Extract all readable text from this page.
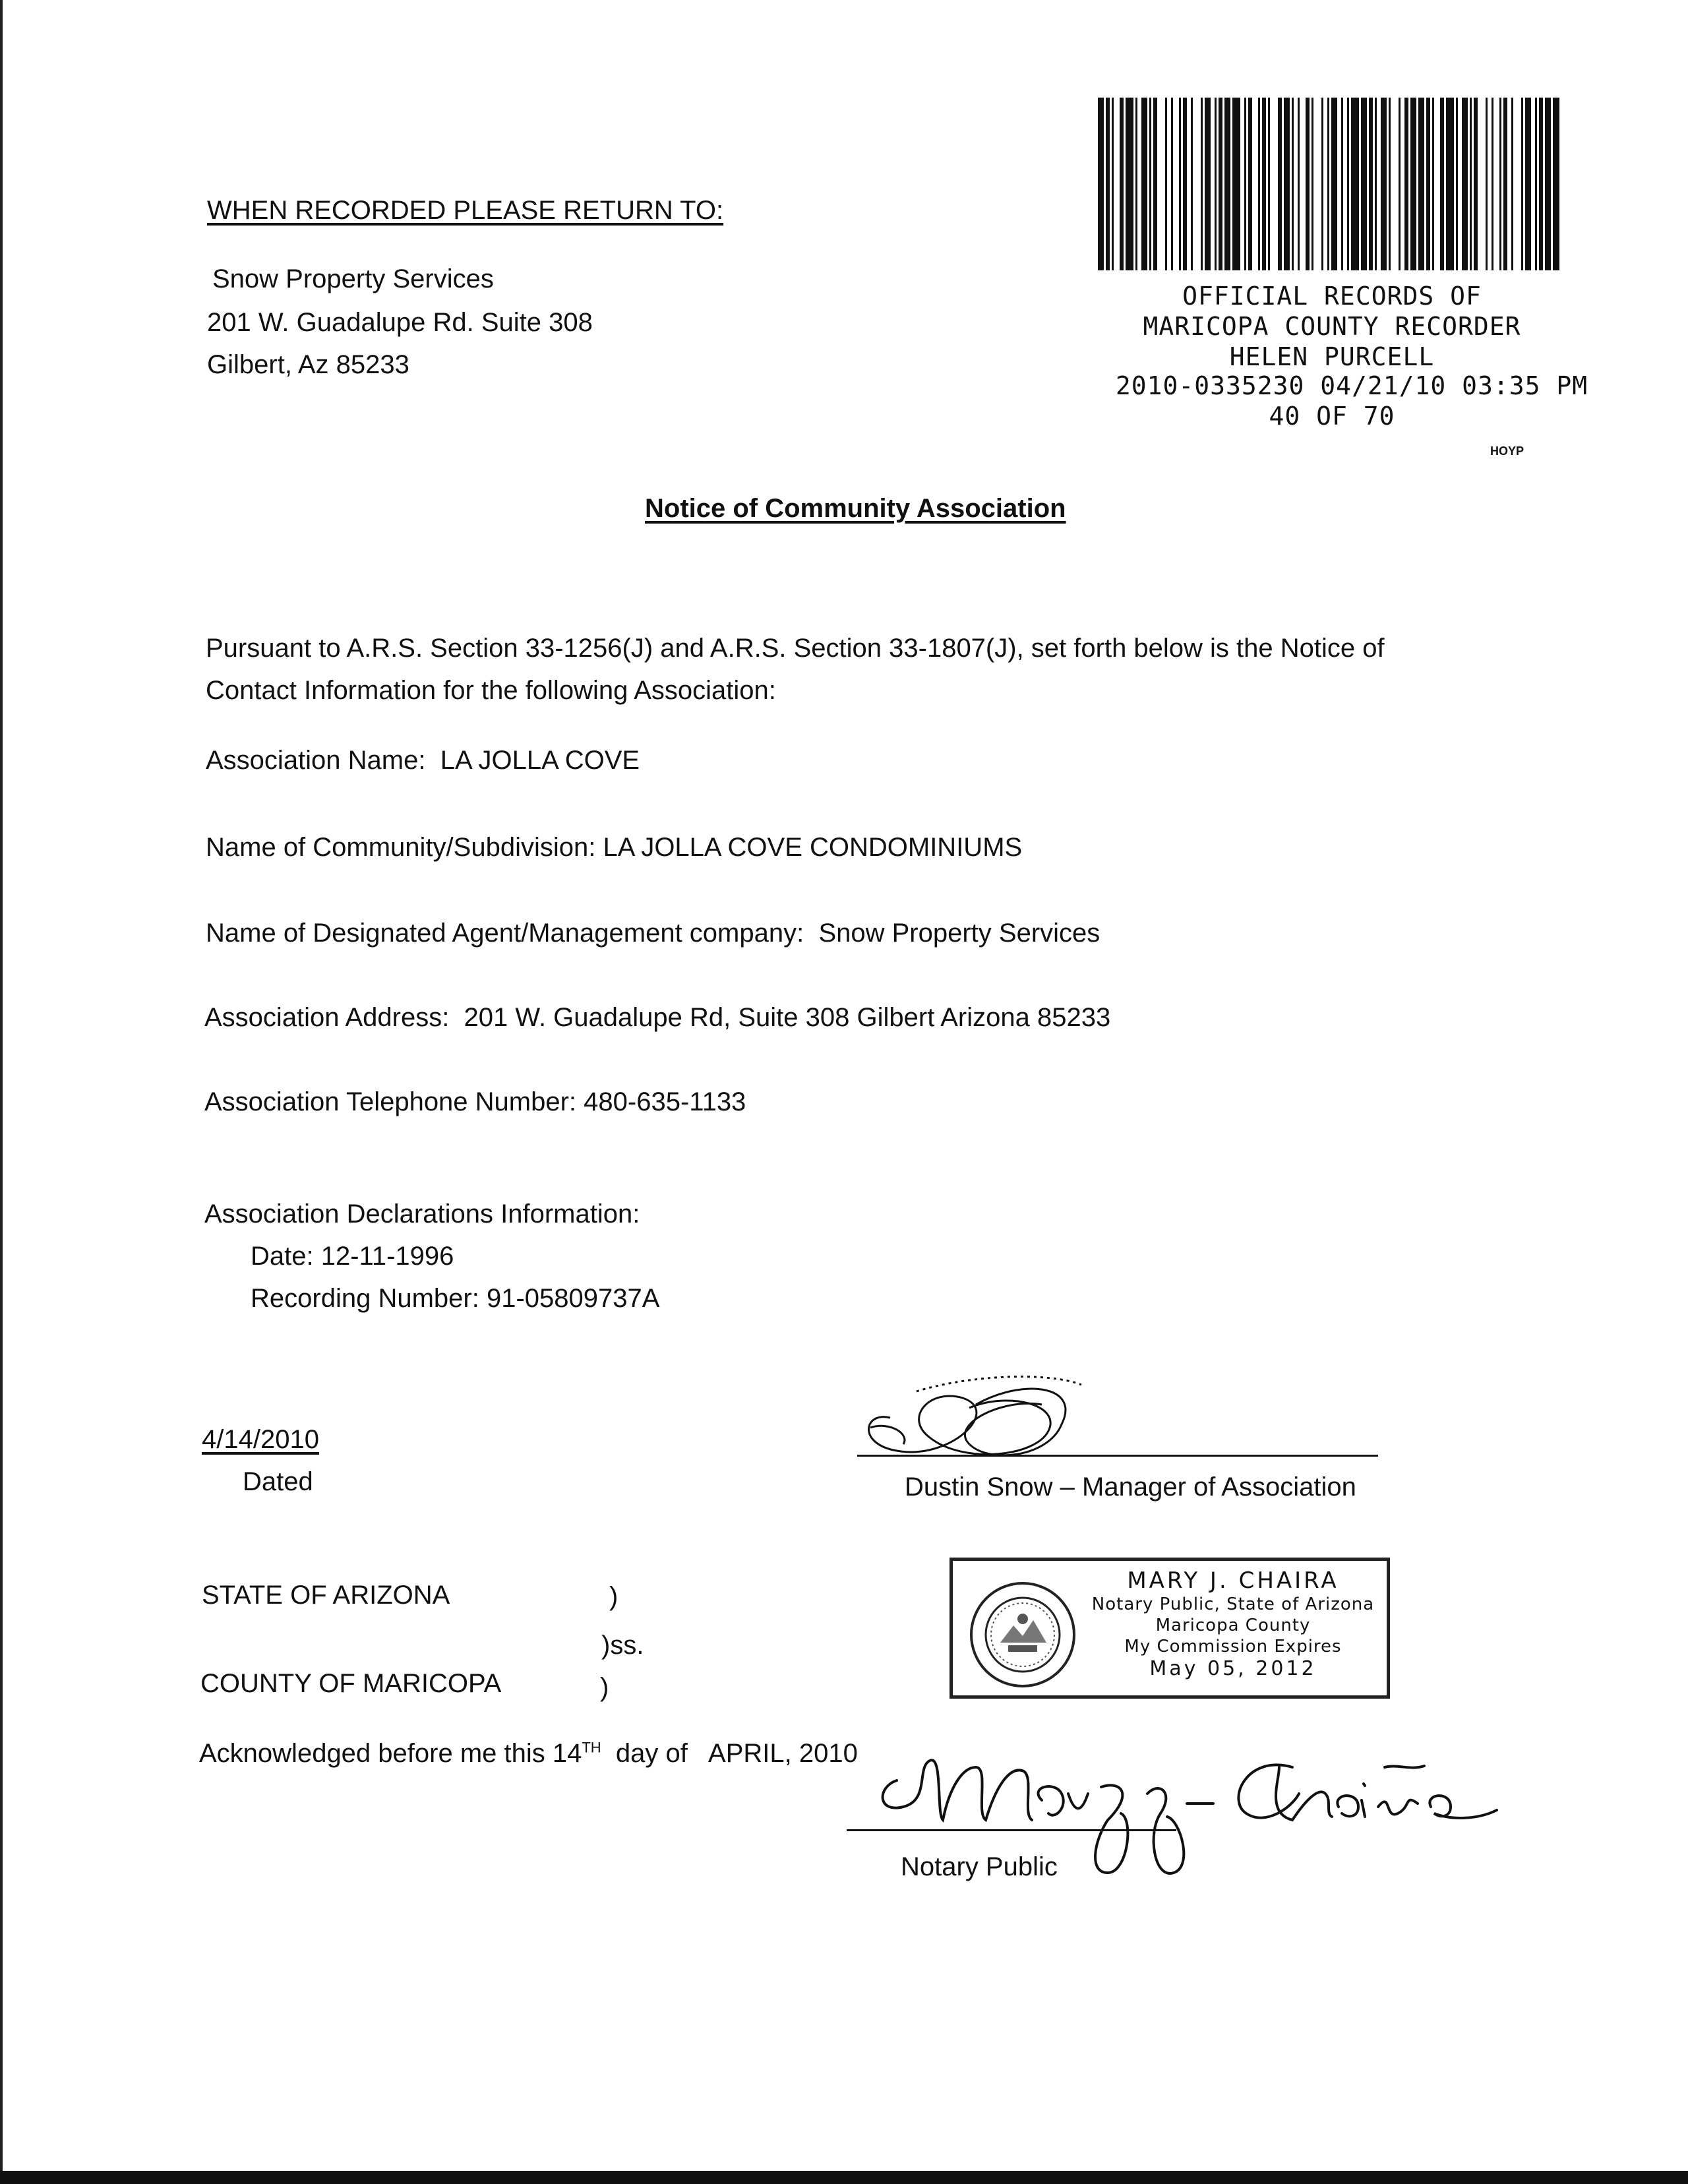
WHEN RECORDED PLEASE RETURN TO:
Snow Property Services
201 W. Guadalupe Rd. Suite 308
Gilbert, Az 85233
OFFICIAL RECORDS OF
MARICOPA COUNTY RECORDER
HELEN PURCELL
2010-0335230 04/21/10 03:35 PM
40 OF 70
HOYP
Notice of Community Association
Pursuant to A.R.S. Section 33-1256(J) and A.R.S. Section 33-1807(J), set forth below is the Notice of
Contact Information for the following Association:
Association Name: LA JOLLA COVE
Name of Community/Subdivision: LA JOLLA COVE CONDOMINIUMS
Name of Designated Agent/Management company: Snow Property Services
Association Address: 201 W. Guadalupe Rd, Suite 308 Gilbert Arizona 85233
Association Telephone Number: 480-635-1133
Association Declarations Information:
Date: 12-11-1996
Recording Number: 91-05809737A
4/14/2010
Dated	Dustin Snow – Manager of Association
STATE OF ARIZONA	)
)ss.
COUNTY OF MARICOPA	)
MARY J. CHAIRA
Notary Public, State of Arizona
Maricopa County
My Commission Expires
May 05, 2012
Acknowledged before me this 14TH day of APRIL, 2010
Notary Public
